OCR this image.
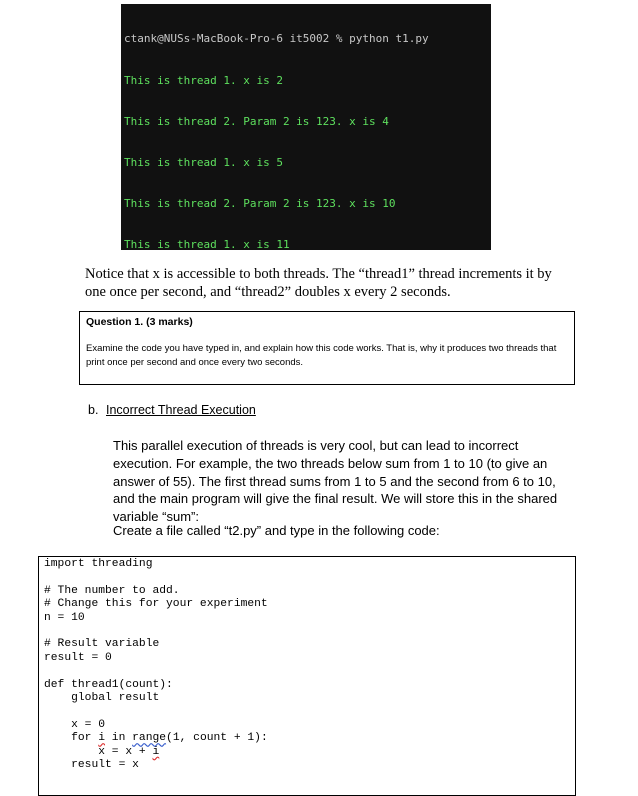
ctank@NUSs-MacBook-Pro-6 it5002 % python t1.py

This is thread 1. x is 2

This is thread 2. Param 2 is 123. x is 4

This is thread 1. x is 5

This is thread 2. Param 2 is 123. x is 10

This is thread 1. x is 11

Notice that x is accessible to both threads. The “thread1” thread increments it by one once per second, and “thread2” doubles x every 2 seconds.
Question 1. (3 marks)
Examine the code you have typed in, and explain how this code works. That is, why it produces two threads that print once per second and once every two seconds.
b. Incorrect Thread Execution
This parallel execution of threads is very cool, but can lead to incorrect execution. For example, the two threads below sum from 1 to 10 (to give an answer of 55). The first thread sums from 1 to 5 and the second from 6 to 10, and the main program will give the final result. We will store this in the shared variable “sum”:
Create a file called “t2.py” and type in the following code:
import threading
# The number to add.
# Change this for your experiment
n = 10
# Result variable
result = 0
def thread1(count):
global result
x = 0
for i in range(1, count + 1):
x = x + i
result = x
